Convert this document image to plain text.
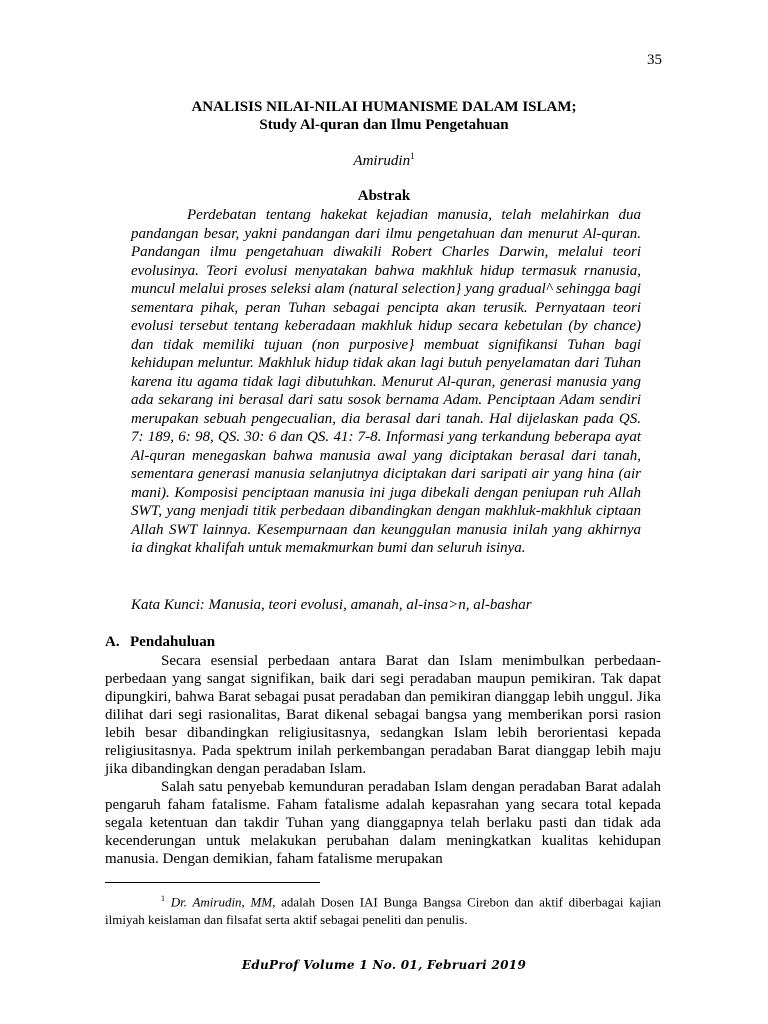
35
ANALISIS NILAI-NILAI HUMANISME DALAM ISLAM;
Study Al-quran dan Ilmu Pengetahuan
Amirudin$^1$
Abstrak

Perdebatan tentang hakekat kejadian manusia, telah melahirkan dua pandangan besar, yakni pandangan dari ilmu pengetahuan dan menurut Al-quran. Pandangan ilmu pengetahuan diwakili Robert Charles Darwin, melalui teori evolusinya. Teori evolusi menyatakan bahwa makhluk hidup termasuk rnanusia, muncul melalui proses seleksi alam (natural selection} yang gradual^ sehingga bagi sementara pihak, peran Tuhan sebagai pencipta akan terusik. Pernyataan teori evolusi tersebut tentang keberadaan makhluk hidup secara kebetulan (by chance) dan tidak memiliki tujuan (non purposive} membuat signifikansi Tuhan bagi kehidupan meluntur. Makhluk hidup tidak akan lagi butuh penyelamatan dari Tuhan karena itu agama tidak lagi dibutuhkan. Menurut Al-quran, generasi manusia yang ada sekarang ini berasal dari satu sosok bernama Adam. Penciptaan Adam sendiri merupakan sebuah pengecualian, dia berasal dari tanah. Hal dijelaskan pada QS. 7: 189, 6: 98, QS. 30: 6 dan QS. 41: 7-8. Informasi yang terkandung beberapa ayat Al-quran menegaskan bahwa manusia awal yang diciptakan berasal dari tanah, sementara generasi manusia selanjutnya diciptakan dari saripati air yang hina (air mani). Komposisi penciptaan manusia ini juga dibekali dengan peniupan ruh Allah SWT, yang menjadi titik perbedaan dibandingkan dengan makhluk-makhluk ciptaan Allah SWT lainnya. Kesempurnaan dan keunggulan manusia inilah yang akhirnya ia dingkat khalifah untuk memakmurkan bumi dan seluruh isinya.

Kata Kunci: Manusia, teori evolusi, amanah, al-insa>n, al-bashar
A. Pendahuluan

Secara esensial perbedaan antara Barat dan Islam menimbulkan perbedaan-perbedaan yang sangat signifikan, baik dari segi peradaban maupun pemikiran. Tak dapat dipungkiri, bahwa Barat sebagai pusat peradaban dan pemikiran dianggap lebih unggul. Jika dilihat dari segi rasionalitas, Barat dikenal sebagai bangsa yang memberikan porsi rasion lebih besar dibandingkan religiusitasnya, sedangkan Islam lebih berorientasi kepada religiusitasnya. Pada spektrum inilah perkembangan peradaban Barat dianggap lebih maju jika dibandingkan dengan peradaban Islam.

Salah satu penyebab kemunduran peradaban Islam dengan peradaban Barat adalah pengaruh faham fatalisme. Faham fatalisme adalah kepasrahan yang secara total kepada segala ketentuan dan takdir Tuhan yang dianggapnya telah berlaku pasti dan tidak ada kecenderungan untuk melakukan perubahan dalam meningkatkan kualitas kehidupan manusia. Dengan demikian, faham fatalisme merupakan

$^1$ Dr. Amirudin, MM, adalah Dosen IAI Bunga Bangsa Cirebon dan aktif diberbagai kajian ilmiyah keislaman dan filsafat serta aktif sebagai peneliti dan penulis.
EduProf Volume 1 No. 01, Februari 2019
